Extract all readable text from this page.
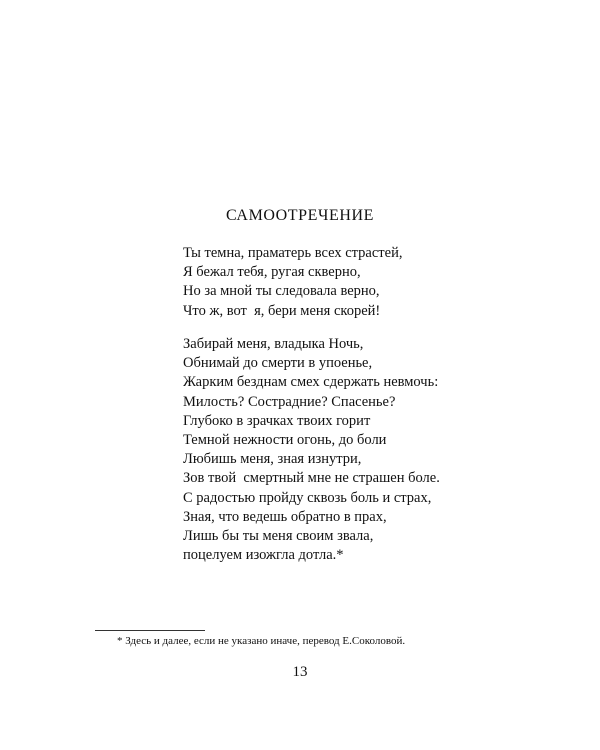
САМООТРЕЧЕНИЕ
Ты темна, праматерь всех страстей,
Я бежал тебя, ругая скверно,
Но за мной ты следовала верно,
Что ж, вот  я, бери меня скорей!
Забирай меня, владыка Ночь,
Обнимай до смерти в упоенье,
Жарким безднам смех сдержать невмочь:
Милость? Сострадние? Спасенье?
Глубоко в зрачках твоих горит
Темной нежности огонь, до боли
Любишь меня, зная изнутри,
Зов твой  смертный мне не страшен боле.
С радостью пройду сквозь боль и страх,
Зная, что ведешь обратно в прах,
Лишь бы ты меня своим звала,
поцелуем изожгла дотла.*

* Здесь и далее, если не указано иначе, перевод Е.Соколовой.

13
